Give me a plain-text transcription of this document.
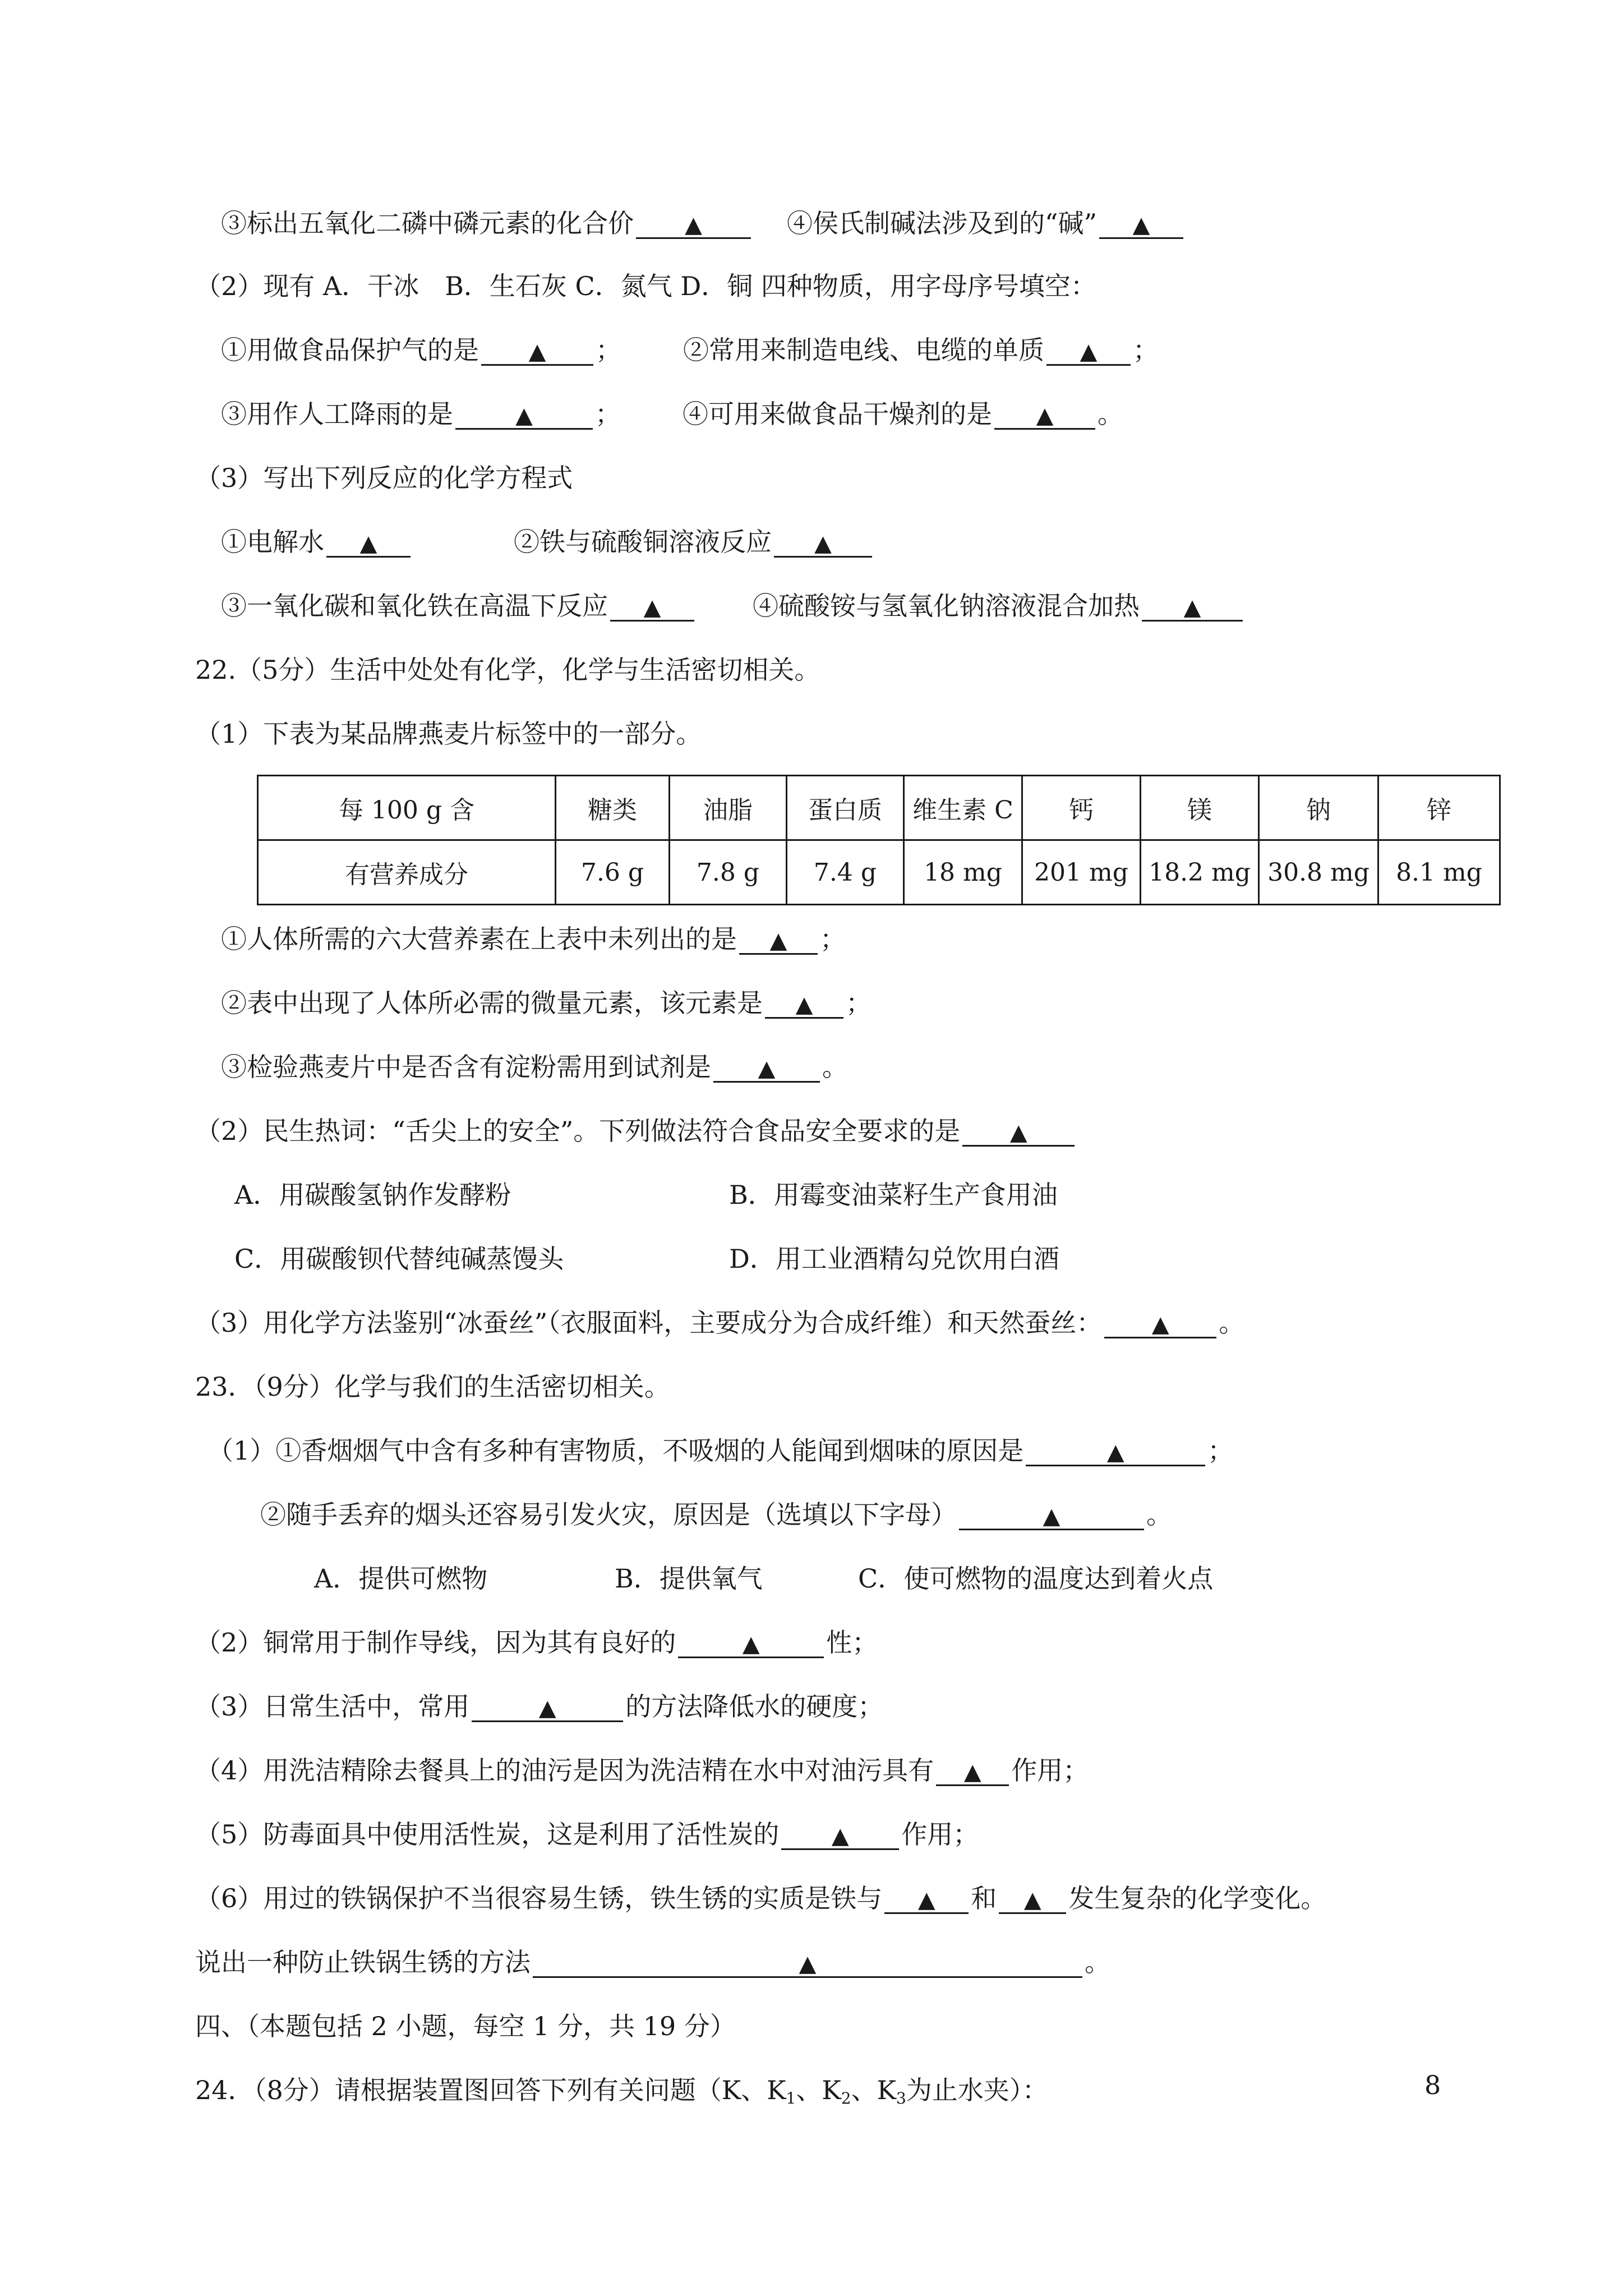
③标出五氧化二磷中磷元素的化合价 ▲	④侯氏制碱法涉及到的“碱” ▲
（2）现有 A．干冰　B．生石灰 C．氮气 D．铜 四种物质，用字母序号填空：
①用做食品保护气的是 ▲ ； ②常用来制造电线、电缆的单质 ▲ ；
③用作人工降雨的是	▲ ； ④可用来做食品干燥剂的是 ▲ 。
（3）写出下列反应的化学方程式
①电解水 ▲	②铁与硫酸铜溶液反应 ▲
③一氧化碳和氧化铁在高温下反应 ▲	④硫酸铵与氢氧化钠溶液混合加热 ▲
22.（5分）生活中处处有化学，化学与生活密切相关。
（1）下表为某品牌燕麦片标签中的一部分。
每 100 g 含	糖类	油脂	蛋白质	维生素 C	钙	镁	钠	锌
有营养成分	7.6 g	7.8 g	7.4 g	18 mg	201 mg	18.2 mg	30.8 mg	8.1 mg
①人体所需的六大营养素在上表中未列出的是 ▲ ；
②表中出现了人体所必需的微量元素，该元素是 ▲ ；
③检验燕麦片中是否含有淀粉需用到试剂是 ▲ 。
（2）民生热词：“舌尖上的安全”。下列做法符合食品安全要求的是 ▲
A．用碳酸氢钠作发酵粉	B．用霉变油菜籽生产食用油
C．用碳酸钡代替纯碱蒸馒头	D．用工业酒精勾兑饮用白酒
（3）用化学方法鉴别“冰蚕丝”（衣服面料，主要成分为合成纤维）和天然蚕丝： ▲ 。
23．（9分）化学与我们的生活密切相关。
（1）①香烟烟气中含有多种有害物质，不吸烟的人能闻到烟味的原因是	▲	；
②随手丢弃的烟头还容易引发火灾，原因是（选填以下字母）	▲	。
A．提供可燃物	B．提供氧气	C．使可燃物的温度达到着火点
（2）铜常用于制作导线，因为其有良好的	▲	性；
（3）日常生活中，常用	▲	的方法降低水的硬度；
（4）用洗洁精除去餐具上的油污是因为洗洁精在水中对油污具有 ▲ 作用；
（5）防毒面具中使用活性炭，这是利用了活性炭的 ▲ 作用；
（6）用过的铁锅保护不当很容易生锈，铁生锈的实质是铁与 ▲ 和 ▲ 发生复杂的化学变化。
说出一种防止铁锅生锈的方法	▲	。
四、（本题包括 2 小题，每空 1 分，共 19 分）
24．（8分）请根据装置图回答下列有关问题（K、$K_1$、$K_2$、$K_3$为止水夹）：	8
